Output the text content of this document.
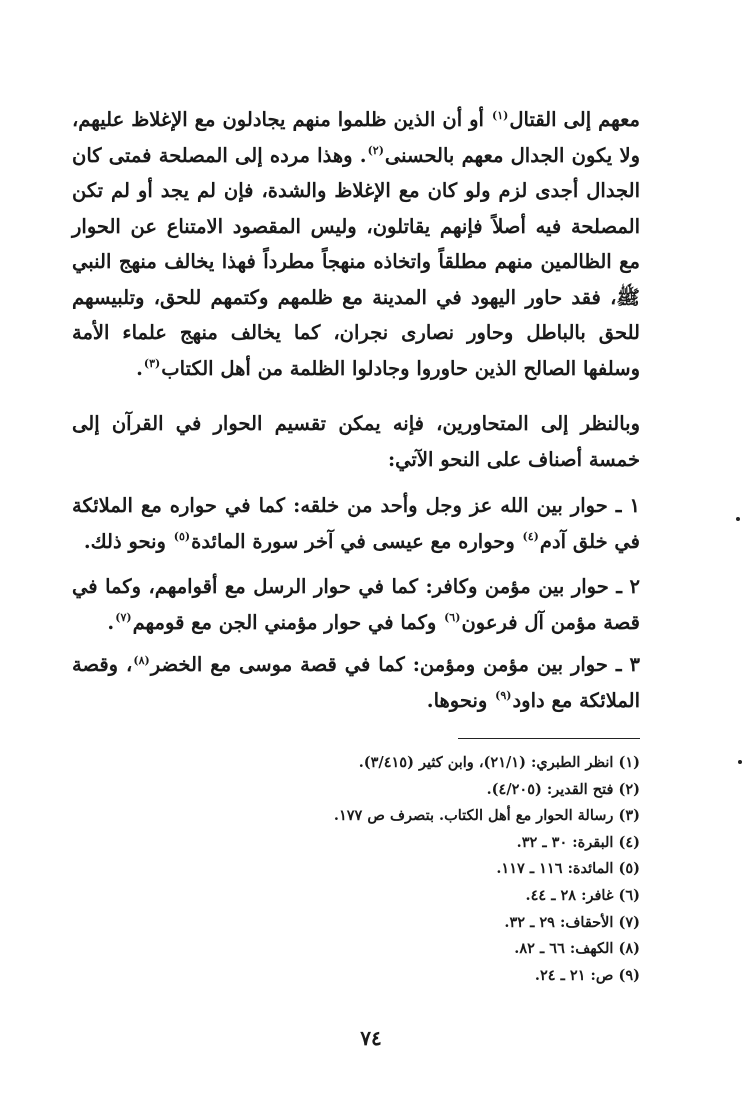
معهم إلى القتال$^{(١)}$ أو أن الذين ظلموا منهم يجادلون مع الإغلاظ عليهم، ولا يكون الجدال معهم بالحسنى$^{(٢)}$. وهذا مرده إلى المصلحة فمتى كان الجدال أجدى لزم ولو كان مع الإغلاظ والشدة، فإن لم يجد أو لم تكن المصلحة فيه أصلاً فإنهم يقاتلون، وليس المقصود الامتناع عن الحوار مع الظالمين منهم مطلقاً واتخاذه منهجاً مطرداً فهذا يخالف منهج النبي ﷺ، فقد حاور اليهود في المدينة مع ظلمهم وكتمهم للحق، وتلبيسهم للحق بالباطل وحاور نصارى نجران، كما يخالف منهج علماء الأمة وسلفها الصالح الذين حاوروا وجادلوا الظلمة من أهل الكتاب$^{(٣)}$.

وبالنظر إلى المتحاورين، فإنه يمكن تقسيم الحوار في القرآن إلى خمسة أصناف على النحو الآتي:

١ ـ حوار بين الله عز وجل وأحد من خلقه: كما في حواره مع الملائكة في خلق آدم$^{(٤)}$ وحواره مع عيسى في آخر سورة المائدة$^{(٥)}$ ونحو ذلك.

٢ ـ حوار بين مؤمن وكافر: كما في حوار الرسل مع أقوامهم، وكما في قصة مؤمن آل فرعون$^{(٦)}$ وكما في حوار مؤمني الجن مع قومهم$^{(٧)}$.

٣ ـ حوار بين مؤمن ومؤمن: كما في قصة موسى مع الخضر$^{(٨)}$، وقصة الملائكة مع داود$^{(٩)}$ ونحوها.

(١) انظر الطبري: (٢١/١)، وابن كثير (٣/٤١٥).
(٢) فتح القدير: (٤/٢٠٥).
(٣) رسالة الحوار مع أهل الكتاب. بتصرف ص ١٧٧.
(٤) البقرة: ٣٠ ـ ٣٢.
(٥) المائدة: ١١٦ ـ ١١٧.
(٦) غافر: ٢٨ ـ ٤٤.
(٧) الأحقاف: ٢٩ ـ ٣٢.
(٨) الكهف: ٦٦ ـ ٨٢.
(٩) ص: ٢١ ـ ٢٤.
٧٤
